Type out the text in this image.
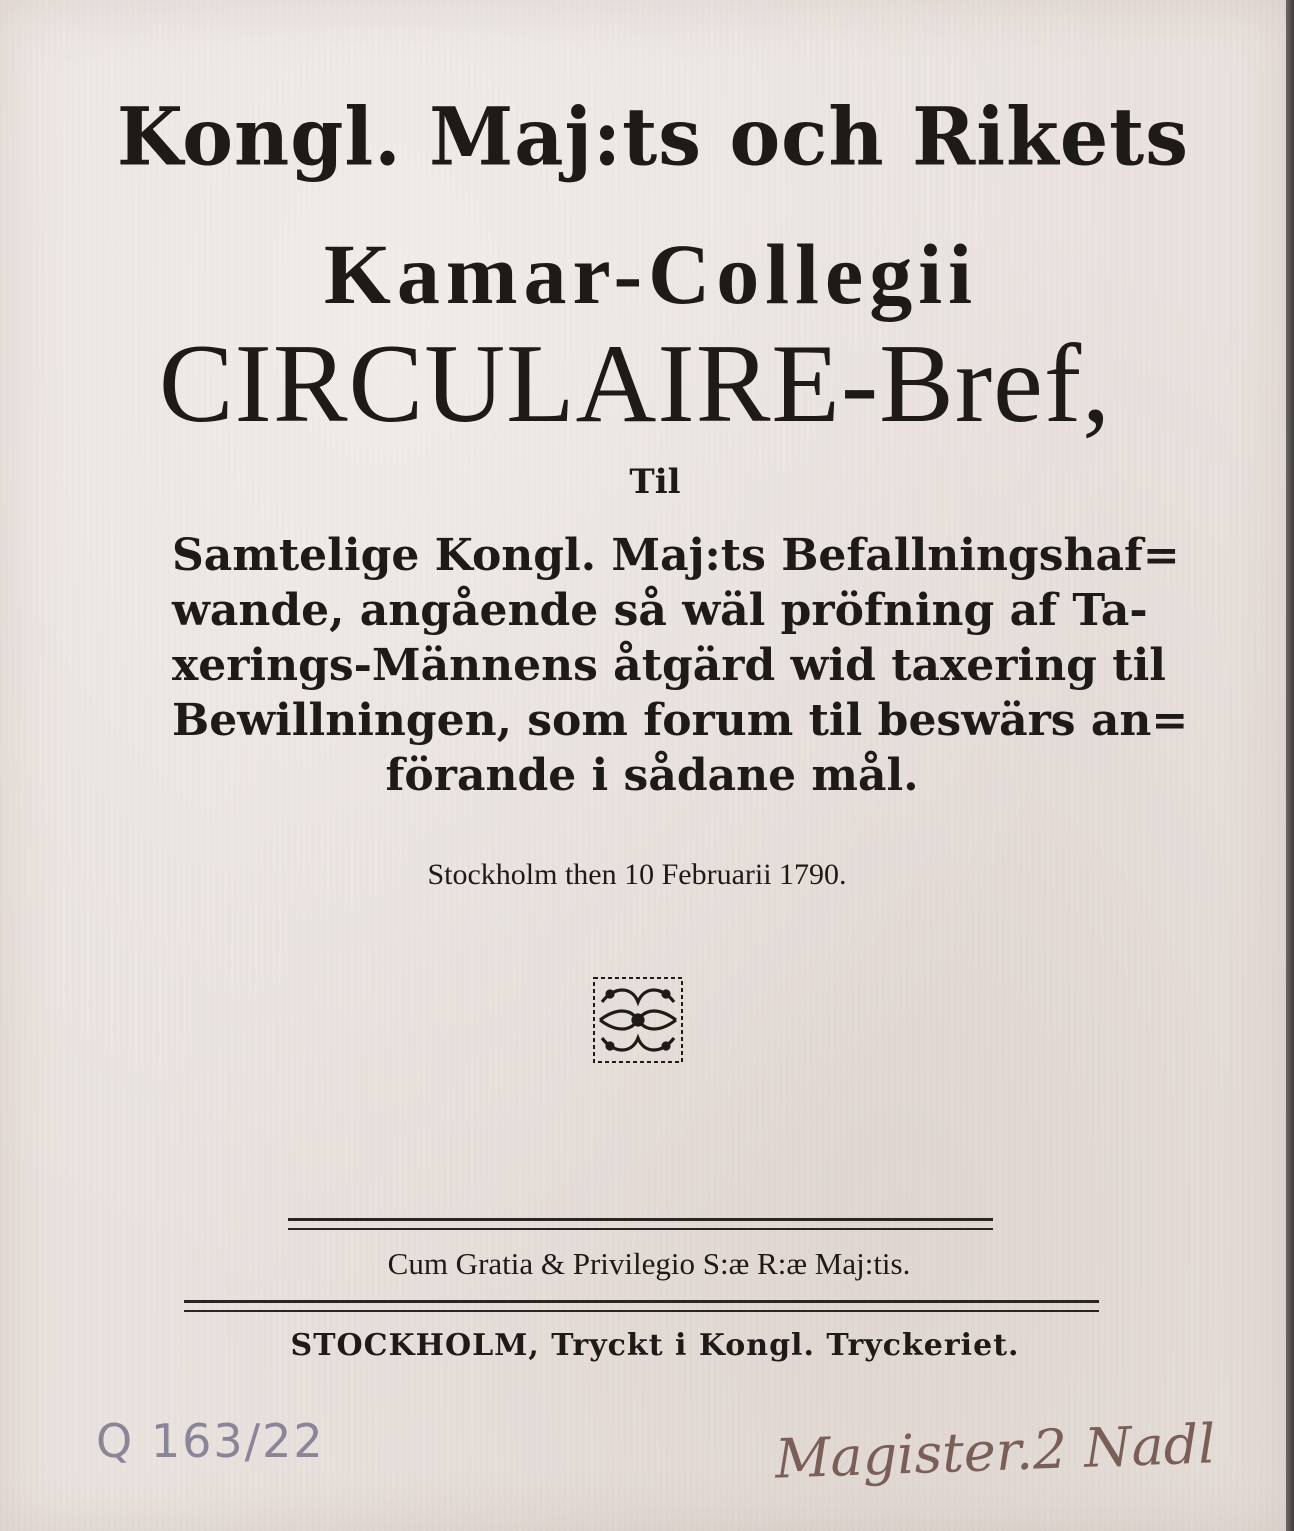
Kongl. Maj:ts och Rikets
Kamar-Collegii
CIRCULAIRE-Bref,
Til
Samtelige Kongl. Maj:ts Befallningshaf=
wande, angående så wäl pröfning af Ta-
xerings-Männens åtgärd wid taxering til
Bewillningen, som forum til beswärs an=
förande i sådane mål.
Stockholm then 10 Februarii 1790.
Cum Gratia & Privilegio S:æ R:æ Maj:tis.
STOCKHOLM, Tryckt i Kongl. Tryckeriet.
Q 163/22	Magister.2 Nadl
